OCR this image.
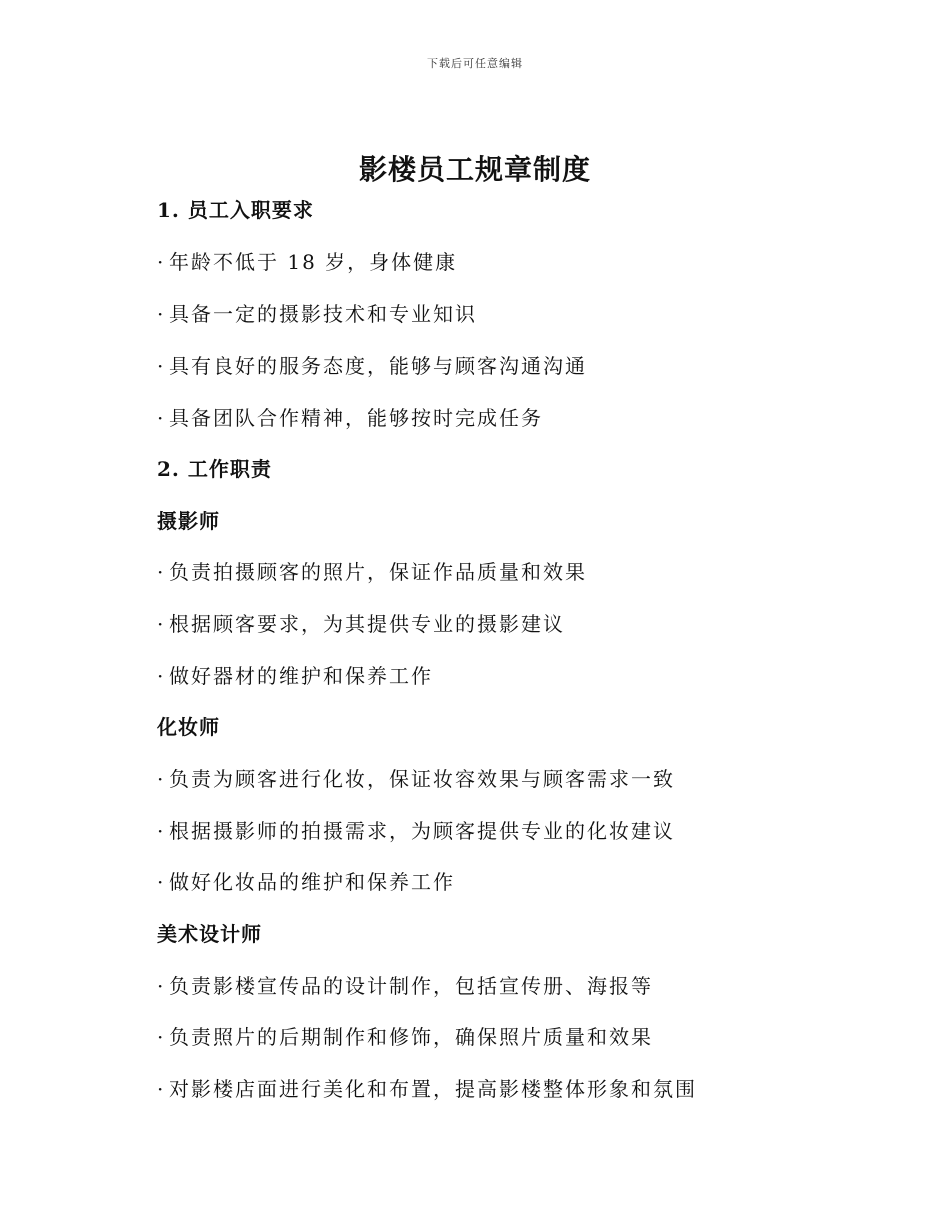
下载后可任意编辑
影楼员工规章制度
1. 员工入职要求
· 年龄不低于 18 岁，身体健康
· 具备一定的摄影技术和专业知识
· 具有良好的服务态度，能够与顾客沟通沟通
· 具备团队合作精神，能够按时完成任务
2. 工作职责
摄影师
· 负责拍摄顾客的照片，保证作品质量和效果
· 根据顾客要求，为其提供专业的摄影建议
· 做好器材的维护和保养工作
化妆师
· 负责为顾客进行化妆，保证妆容效果与顾客需求一致
· 根据摄影师的拍摄需求，为顾客提供专业的化妆建议
· 做好化妆品的维护和保养工作
美术设计师
· 负责影楼宣传品的设计制作，包括宣传册、海报等
· 负责照片的后期制作和修饰，确保照片质量和效果
· 对影楼店面进行美化和布置，提高影楼整体形象和氛围
